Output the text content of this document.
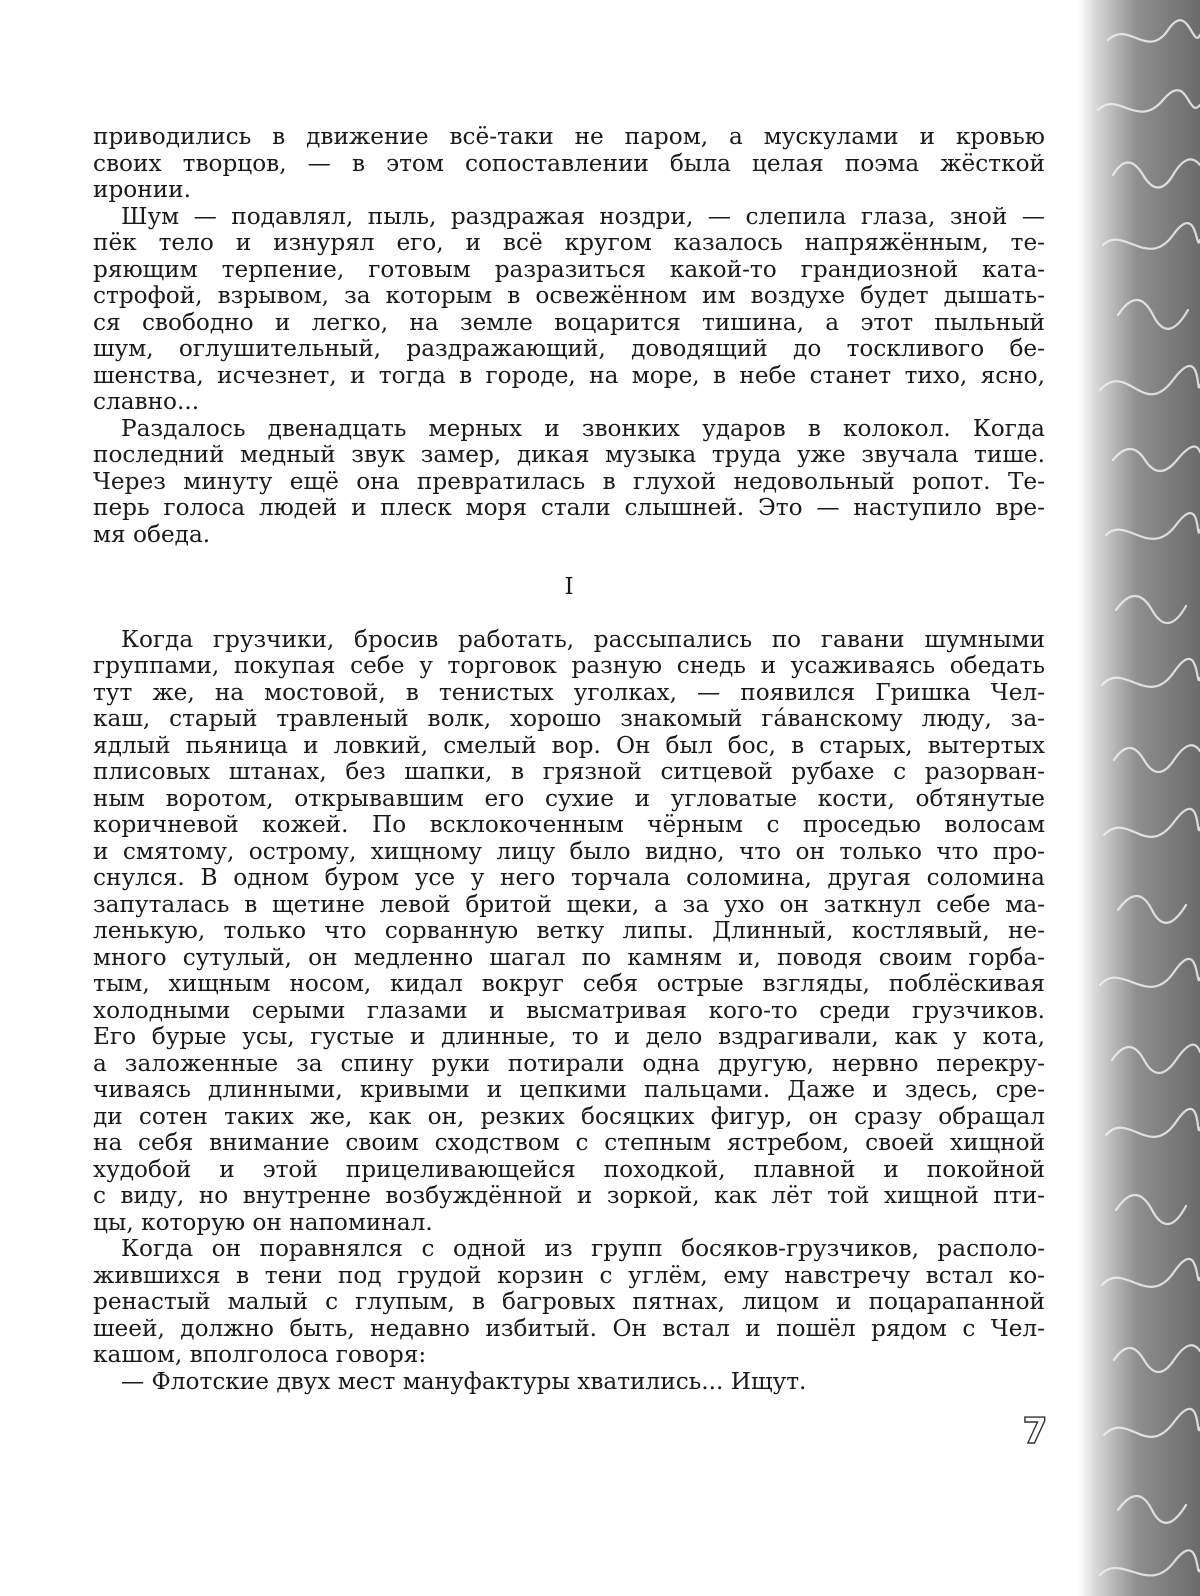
приводились в движение всё-таки не паром, а мускулами и кровью
своих творцов, — в этом сопоставлении была целая поэма жёсткой
иронии.
Шум — подавлял, пыль, раздражая ноздри, — слепила глаза, зной —
пёк тело и изнурял его, и всё кругом казалось напряжённым, те-
ряющим терпение, готовым разразиться какой-то грандиозной ката-
строфой, взрывом, за которым в освежённом им воздухе будет дышать-
ся свободно и легко, на земле воцарится тишина, а этот пыльный
шум, оглушительный, раздражающий, доводящий до тоскливого бе-
шенства, исчезнет, и тогда в городе, на море, в небе станет тихо, ясно,
славно...
Раздалось двенадцать мерных и звонких ударов в колокол. Когда
последний медный звук замер, дикая музыка труда уже звучала тише.
Через минуту ещё она превратилась в глухой недовольный ропот. Те-
перь голоса людей и плеск моря стали слышней. Это — наступило вре-
мя обеда.
I
Когда грузчики, бросив работать, рассыпались по гавани шумными
группами, покупая себе у торговок разную снедь и усаживаясь обедать
тут же, на мостовой, в тенистых уголках, — появился Гришка Чел-
каш, старый травленый волк, хорошо знакомый гáванскому люду, за-
ядлый пьяница и ловкий, смелый вор. Он был бос, в старых, вытертых
плисовых штанах, без шапки, в грязной ситцевой рубахе с разорван-
ным воротом, открывавшим его сухие и угловатые кости, обтянутые
коричневой кожей. По всклокоченным чёрным с проседью волосам
и смятому, острому, хищному лицу было видно, что он только что про-
снулся. В одном буром усе у него торчала соломина, другая соломина
запуталась в щетине левой бритой щеки, а за ухо он заткнул себе ма-
ленькую, только что сорванную ветку липы. Длинный, костлявый, не-
много сутулый, он медленно шагал по камням и, поводя своим горба-
тым, хищным носом, кидал вокруг себя острые взгляды, поблёскивая
холодными серыми глазами и высматривая кого-то среди грузчиков.
Его бурые усы, густые и длинные, то и дело вздрагивали, как у кота,
а заложенные за спину руки потирали одна другую, нервно перекру-
чиваясь длинными, кривыми и цепкими пальцами. Даже и здесь, сре-
ди сотен таких же, как он, резких босяцких фигур, он сразу обращал
на себя внимание своим сходством с степным ястребом, своей хищной
худобой и этой прицеливающейся походкой, плавной и покойной
с виду, но внутренне возбуждённой и зоркой, как лёт той хищной пти-
цы, которую он напоминал.
Когда он поравнялся с одной из групп босяков-грузчиков, располо-
жившихся в тени под грудой корзин с углём, ему навстречу встал ко-
ренастый малый с глупым, в багровых пятнах, лицом и поцарапанной
шеей, должно быть, недавно избитый. Он встал и пошёл рядом с Чел-
кашом, вполголоса говоря:
— Флотские двух мест мануфактуры хватились... Ищут.
7
